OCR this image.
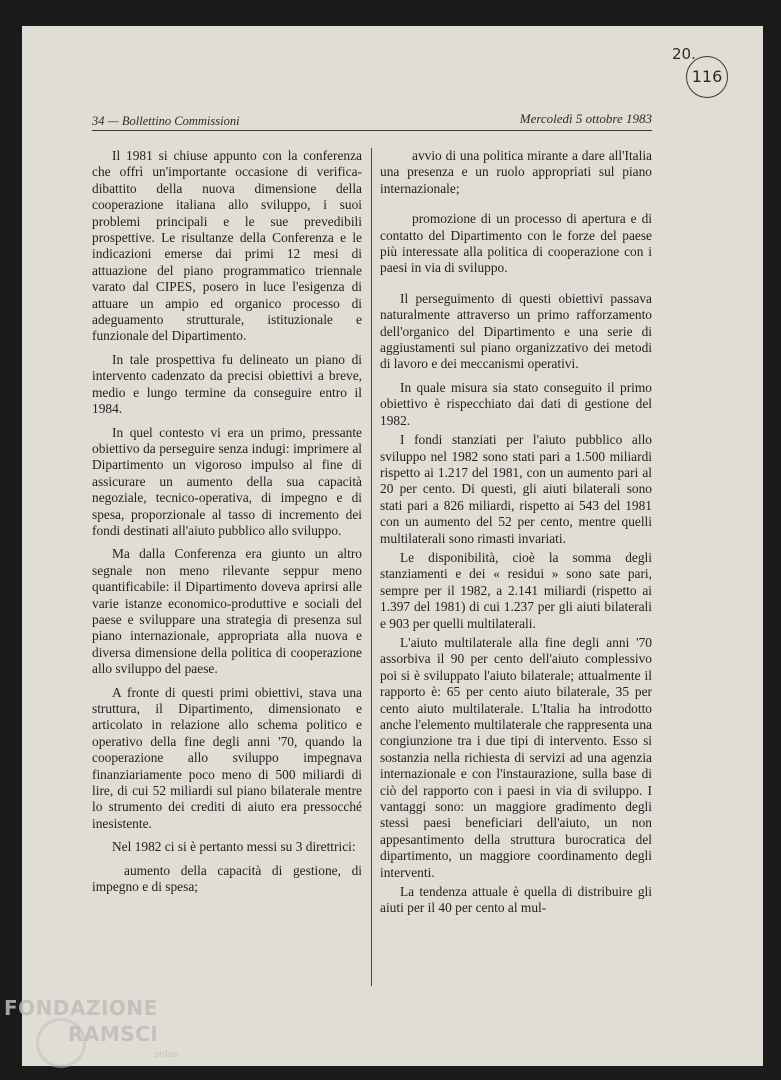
20.
116
34 — Bollettino Commissioni	Mercoledì 5 ottobre 1983

Il 1981 si chiuse appunto con la conferenza che offrì un'importante occasione di verifica-dibattito della nuova dimensione della cooperazione italiana allo sviluppo, i suoi problemi principali e le sue prevedibili prospettive. Le risultanze della Conferenza e le indicazioni emerse dai primi 12 mesi di attuazione del piano programmatico triennale varato dal CIPES, posero in luce l'esigenza di attuare un ampio ed organico processo di adeguamento strutturale, istituzionale e funzionale del Dipartimento.

In tale prospettiva fu delineato un piano di intervento cadenzato da precisi obiettivi a breve, medio e lungo termine da conseguire entro il 1984.

In quel contesto vi era un primo, pressante obiettivo da perseguire senza indugi: imprimere al Dipartimento un vigoroso impulso al fine di assicurare un aumento della sua capacità negoziale, tecnico-operativa, di impegno e di spesa, proporzionale al tasso di incremento dei fondi destinati all'aiuto pubblico allo sviluppo.

Ma dalla Conferenza era giunto un altro segnale non meno rilevante seppur meno quantificabile: il Dipartimento doveva aprirsi alle varie istanze economico-produttive e sociali del paese e sviluppare una strategia di presenza sul piano internazionale, appropriata alla nuova e diversa dimensione della politica di cooperazione allo sviluppo del paese.

A fronte di questi primi obiettivi, stava una struttura, il Dipartimento, dimensionato e articolato in relazione allo schema politico e operativo della fine degli anni '70, quando la cooperazione allo sviluppo impegnava finanziariamente poco meno di 500 miliardi di lire, di cui 52 miliardi sul piano bilaterale mentre lo strumento dei crediti di aiuto era pressocché inesistente.

Nel 1982 ci si è pertanto messi su 3 direttrici:

aumento della capacità di gestione, di impegno e di spesa;

avvio di una politica mirante a dare all'Italia una presenza e un ruolo appropriati sul piano internazionale;

promozione di un processo di apertura e di contatto del Dipartimento con le forze del paese più interessate alla politica di cooperazione con i paesi in via di sviluppo.

Il perseguimento di questi obiettivi passava naturalmente attraverso un primo rafforzamento dell'organico del Dipartimento e una serie di aggiustamenti sul piano organizzativo dei metodi di lavoro e dei meccanismi operativi.

In quale misura sia stato conseguito il primo obiettivo è rispecchiato dai dati di gestione del 1982.

I fondi stanziati per l'aiuto pubblico allo sviluppo nel 1982 sono stati pari a 1.500 miliardi rispetto ai 1.217 del 1981, con un aumento pari al 20 per cento. Di questi, gli aiuti bilaterali sono stati pari a 826 miliardi, rispetto ai 543 del 1981 con un aumento del 52 per cento, mentre quelli multilaterali sono rimasti invariati.

Le disponibilità, cioè la somma degli stanziamenti e dei « residui » sono sate pari, sempre per il 1982, a 2.141 miliardi (rispetto ai 1.397 del 1981) di cui 1.237 per gli aiuti bilaterali e 903 per quelli multilaterali.

L'aiuto multilaterale alla fine degli anni '70 assorbiva il 90 per cento dell'aiuto complessivo poi si è sviluppato l'aiuto bilaterale; attualmente il rapporto è: 65 per cento aiuto bilaterale, 35 per cento aiuto multilaterale. L'Italia ha introdotto anche l'elemento multilaterale che rappresenta una congiunzione tra i due tipi di intervento. Esso si sostanzia nella richiesta di servizi ad una agenzia internazionale e con l'instaurazione, sulla base di ciò del rapporto con i paesi in via di sviluppo. I vantaggi sono: un maggiore gradimento degli stessi paesi beneficiari dell'aiuto, un non appesantimento della struttura burocratica del dipartimento, un maggiore coordinamento degli interventi.

La tendenza attuale è quella di distribuire gli aiuti per il 40 per cento al mul-

FONDAZIONE
RAMSCI
onlus
